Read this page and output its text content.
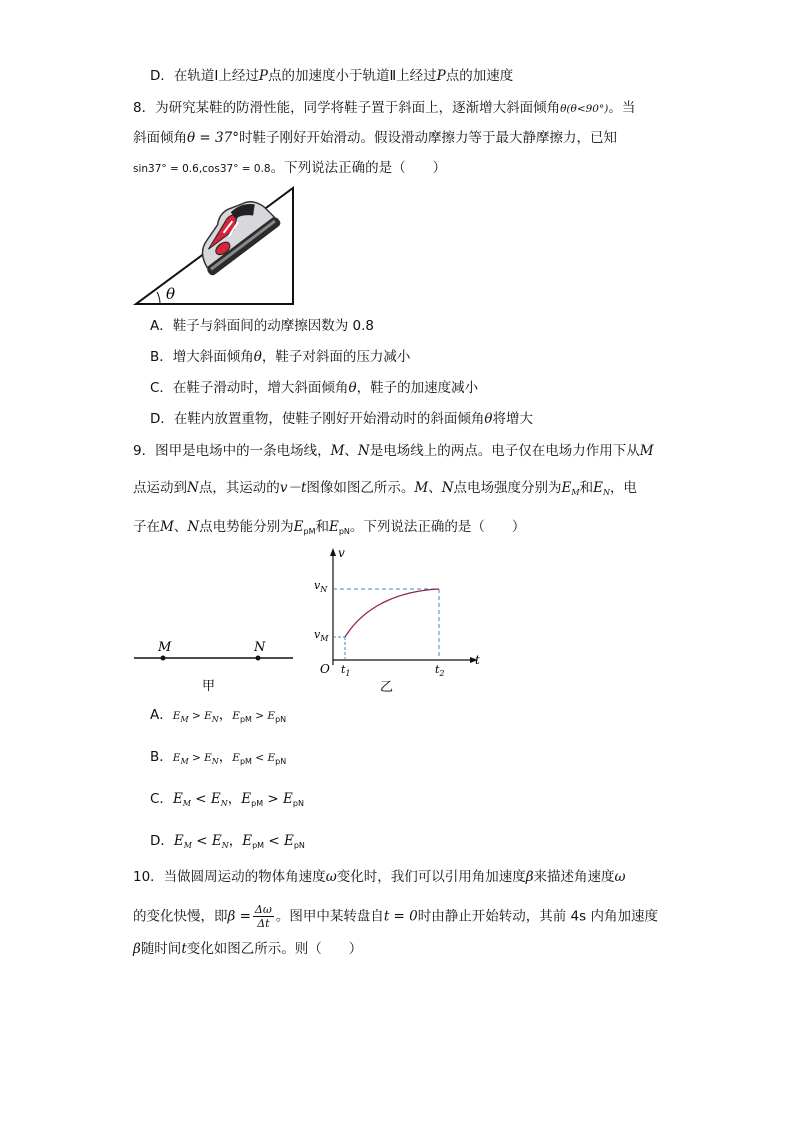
D．在轨道Ⅰ上经过P点的加速度小于轨道Ⅱ上经过P点的加速度
8．为研究某鞋的防滑性能，同学将鞋子置于斜面上，逐渐增大斜面倾角θ(θ<90°)。当
斜面倾角θ = 37°时鞋子刚好开始滑动。假设滑动摩擦力等于最大静摩擦力，已知
sin37° = 0.6,cos37° = 0.8。下列说法正确的是（　　）
θ
A．鞋子与斜面间的动摩擦因数为 0.8
B．增大斜面倾角θ，鞋子对斜面的压力减小
C．在鞋子滑动时，增大斜面倾角θ，鞋子的加速度减小
D．在鞋内放置重物，使鞋子刚好开始滑动时的斜面倾角θ将增大
9．图甲是电场中的一条电场线，M、N是电场线上的两点。电子仅在电场力作用下从M
点运动到N点，其运动的v－t图像如图乙所示。M、N点电场强度分别为$E_M$和$E_N$，电
子在M、N点电势能分别为$E_{pM}$和$E_{pN}$。下列说法正确的是（　　）
M	N
甲
v
t
$v_N$
$v_M$
O $t_1$	$t_2$
乙
A．$E_M > E_N$，$E_{pM} > E_{pN}$
B．$E_M > E_N$，$E_{pM} < E_{pN}$
C．$E_M < E_N$，$E_{pM} > E_{pN}$
D．$E_M < E_N$，$E_{pM} < E_{pN}$
10．当做圆周运动的物体角速度ω变化时，我们可以引用角加速度β来描述角速度ω
的变化快慢，即$\beta = \frac{\Delta\omega}{\Delta t}$ 。图甲中某转盘自t = 0时由静止开始转动，其前 4s 内角加速度
β随时间t变化如图乙所示。则（　　）
